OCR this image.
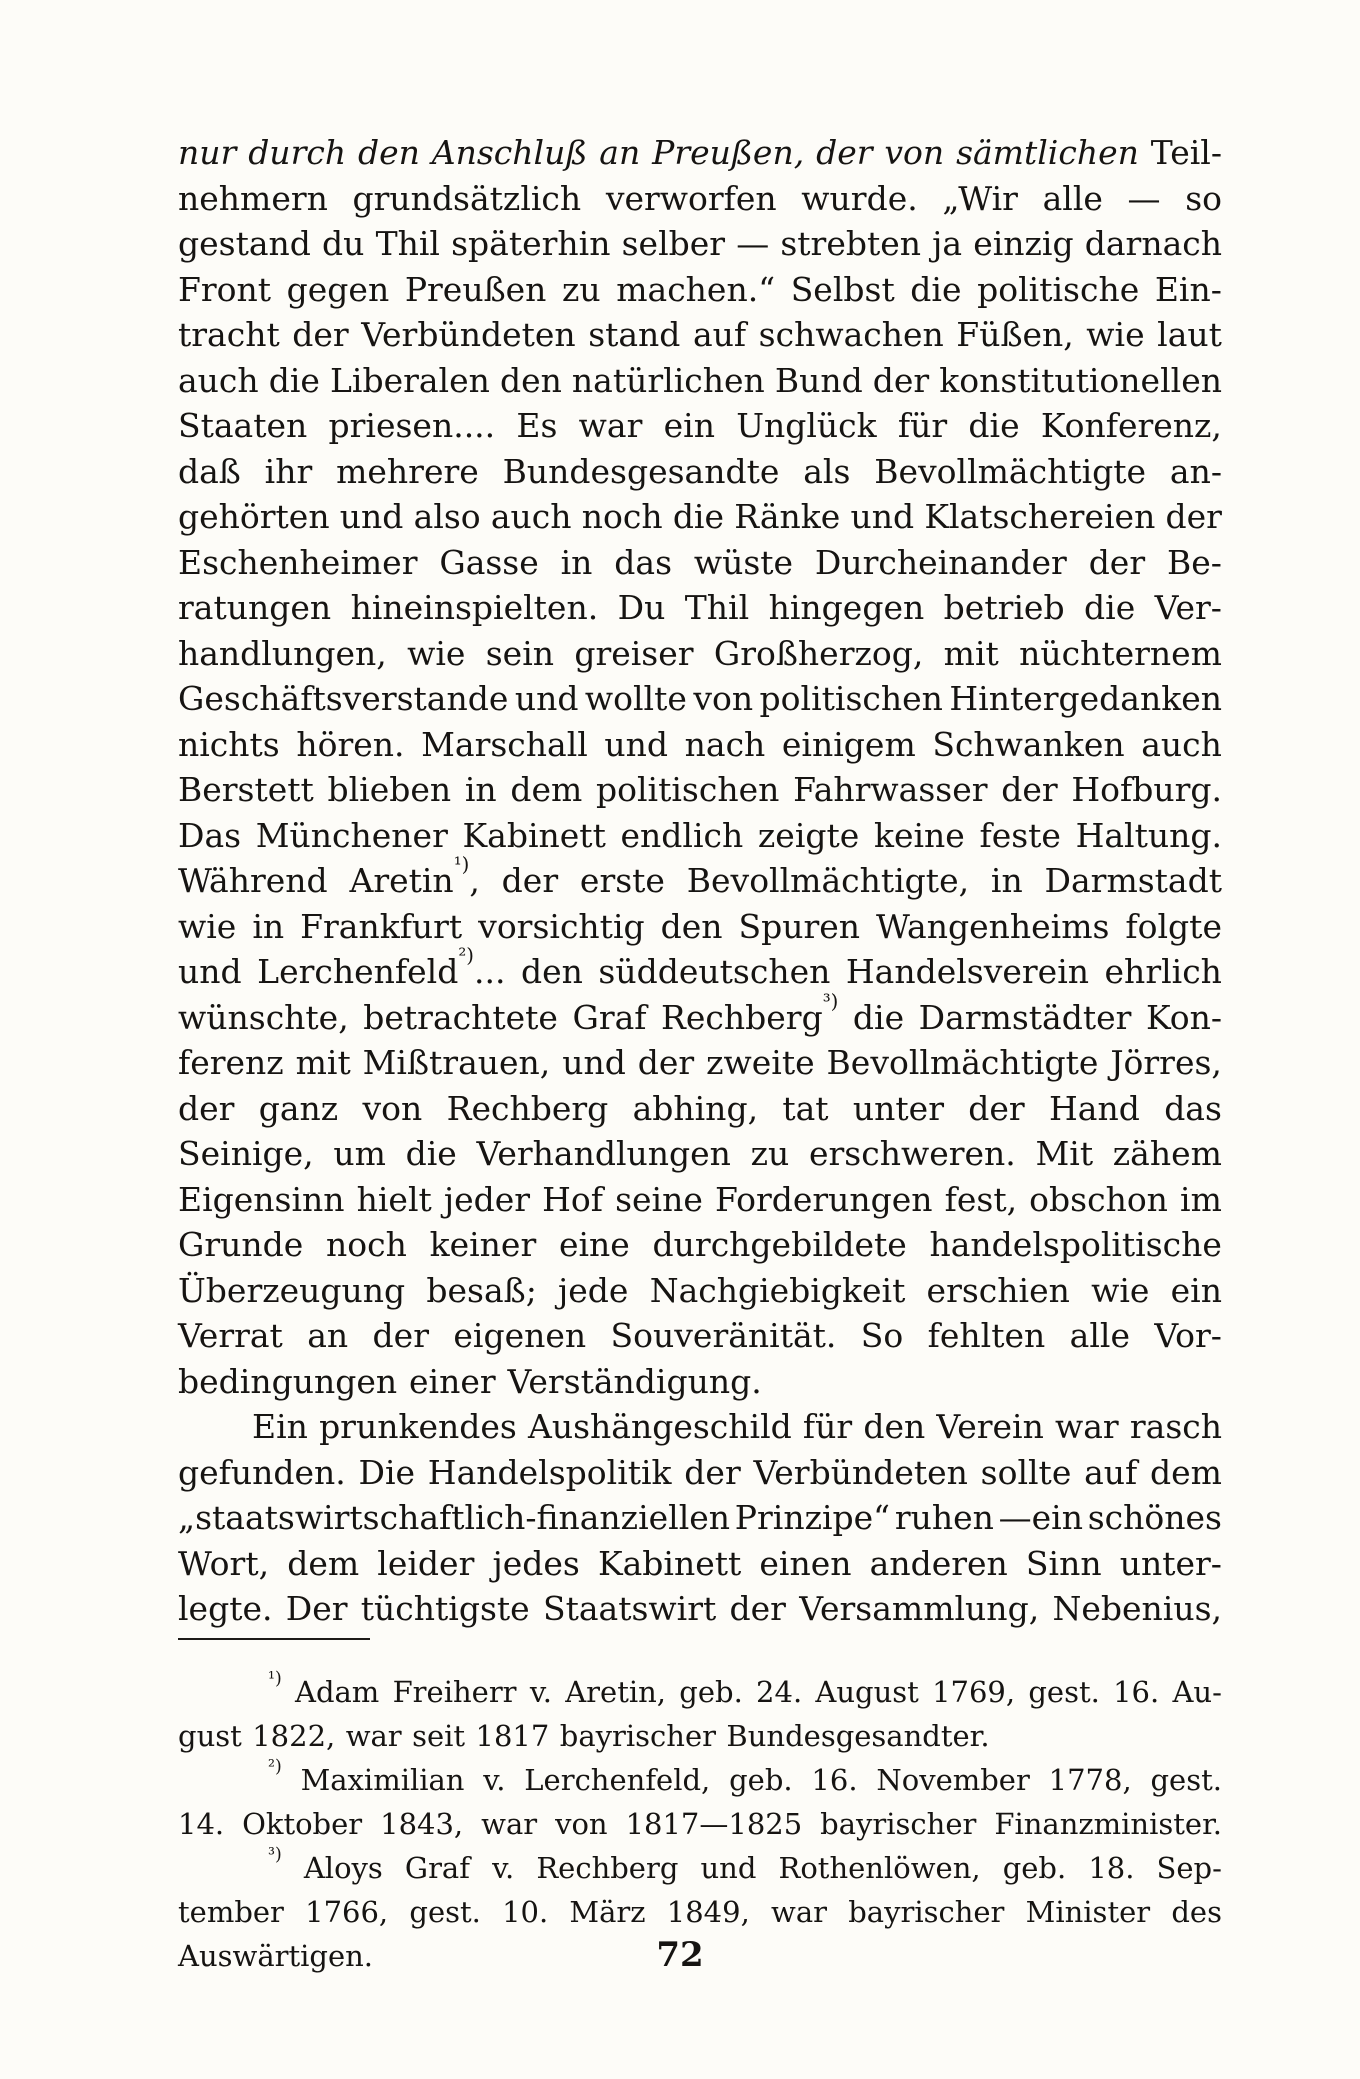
nur durch den Anschluß an Preußen, der von sämtlichen Teil-
nehmern grundsätzlich verworfen wurde. „Wir alle — so
gestand du Thil späterhin selber — strebten ja einzig darnach
Front gegen Preußen zu machen.“ Selbst die politische Ein-
tracht der Verbündeten stand auf schwachen Füßen, wie laut
auch die Liberalen den natürlichen Bund der konstitutionellen
Staaten priesen.... Es war ein Unglück für die Konferenz,
daß ihr mehrere Bundesgesandte als Bevollmächtigte an-
gehörten und also auch noch die Ränke und Klatschereien der
Eschenheimer Gasse in das wüste Durcheinander der Be-
ratungen hineinspielten. Du Thil hingegen betrieb die Ver-
handlungen, wie sein greiser Großherzog, mit nüchternem
Geschäftsverstande und wollte von politischen Hintergedanken
nichts hören. Marschall und nach einigem Schwanken auch
Berstett blieben in dem politischen Fahrwasser der Hofburg.
Das Münchener Kabinett endlich zeigte keine feste Haltung.
Während Aretin$^{^1)}$, der erste Bevollmächtigte, in Darmstadt
wie in Frankfurt vorsichtig den Spuren Wangenheims folgte
und Lerchenfeld$^{^2)}$... den süddeutschen Handelsverein ehrlich
wünschte, betrachtete Graf Rechberg$^{^3)}$ die Darmstädter Kon-
ferenz mit Mißtrauen, und der zweite Bevollmächtigte Jörres,
der ganz von Rechberg abhing, tat unter der Hand das
Seinige, um die Verhandlungen zu erschweren. Mit zähem
Eigensinn hielt jeder Hof seine Forderungen fest, obschon im
Grunde noch keiner eine durchgebildete handelspolitische
Überzeugung besaß; jede Nachgiebigkeit erschien wie ein
Verrat an der eigenen Souveränität. So fehlten alle Vor-
bedingungen einer Verständigung.
Ein prunkendes Aushängeschild für den Verein war rasch
gefunden. Die Handelspolitik der Verbündeten sollte auf dem
„staatswirtschaftlich-finanziellen Prinzipe“ ruhen —ein schönes
Wort, dem leider jedes Kabinett einen anderen Sinn unter-
legte. Der tüchtigste Staatswirt der Versammlung, Nebenius,
$^{^1)}$ Adam Freiherr v. Aretin, geb. 24. August 1769, gest. 16. Au-
gust 1822, war seit 1817 bayrischer Bundesgesandter.
$^{^2)}$ Maximilian v. Lerchenfeld, geb. 16. November 1778, gest.
14. Oktober 1843, war von 1817—1825 bayrischer Finanzminister.
$^{^3)}$ Aloys Graf v. Rechberg und Rothenlöwen, geb. 18. Sep-
tember 1766, gest. 10. März 1849, war bayrischer Minister des
Auswärtigen.	72
